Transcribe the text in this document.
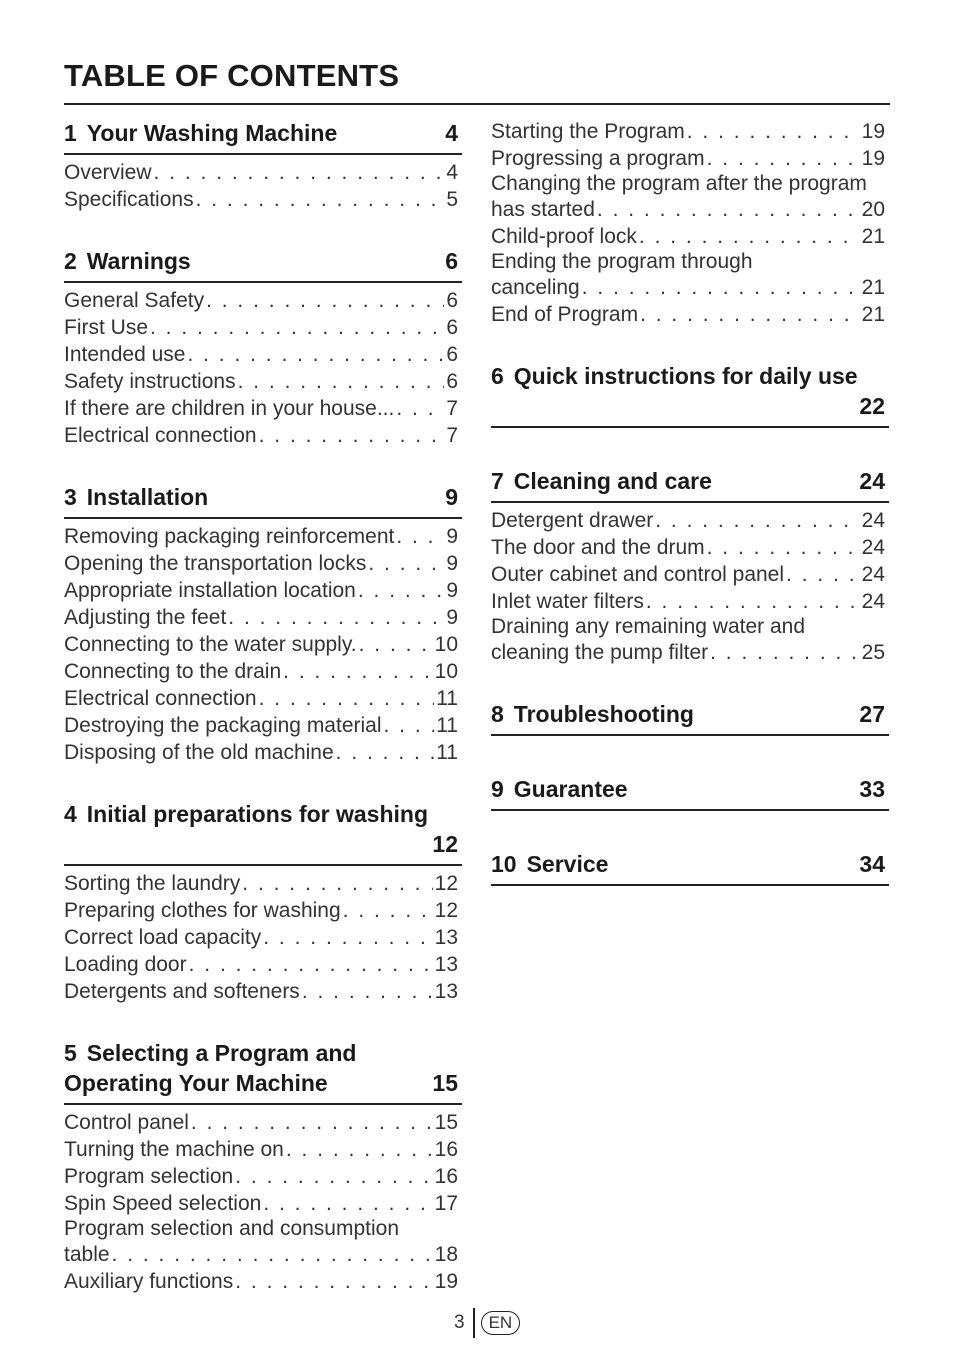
TABLE OF CONTENTS
1 Your Washing Machine	4
Overview . . .	4
Specifications . . .	5
2 Warnings	6
General Safety . . .	6
First Use . . .	6
Intended use . . .	6
Safety instructions . . .	6
If there are children in your house... . . . 7
Electrical connection . . .	7
3 Installation	9
Removing packaging reinforcement . . . 9
Opening the transportation locks . . .	9
Appropriate installation location . . .	9
Adjusting the feet . . .	9
Connecting to the water supply. . . .	10
Connecting to the drain . . .	10
Electrical connection . . .	11
Destroying the packaging material . . .	11
Disposing of the old machine . . .	11
4 Initial preparations for washing
12
Sorting the laundry . . .	12
Preparing clothes for washing . . .	12
Correct load capacity . . .	13
Loading door . . .	13
Detergents and softeners . . .	13
5 Selecting a Program and
Operating Your Machine	15
Control panel . . .	15
Turning the machine on . . .	16
Program selection . . .	16
Spin Speed selection . . .	17
Program selection and consumption
table . . .	18
Auxiliary functions . . .	19
Starting the Program . . .	19
Progressing a program . . .	19
Changing the program after the program
has started . . .	20
Child-proof lock . . .	21
Ending the program through
canceling . . .	21
End of Program . . .	21
6 Quick instructions for daily use
22
7 Cleaning and care	24
Detergent drawer . . .	24
The door and the drum . . .	24
Outer cabinet and control panel . . .	24
Inlet water filters . . .	24
Draining any remaining water and
cleaning the pump filter . . .	25
8 Troubleshooting	27
9 Guarantee	33
10 Service	34
3	EN
